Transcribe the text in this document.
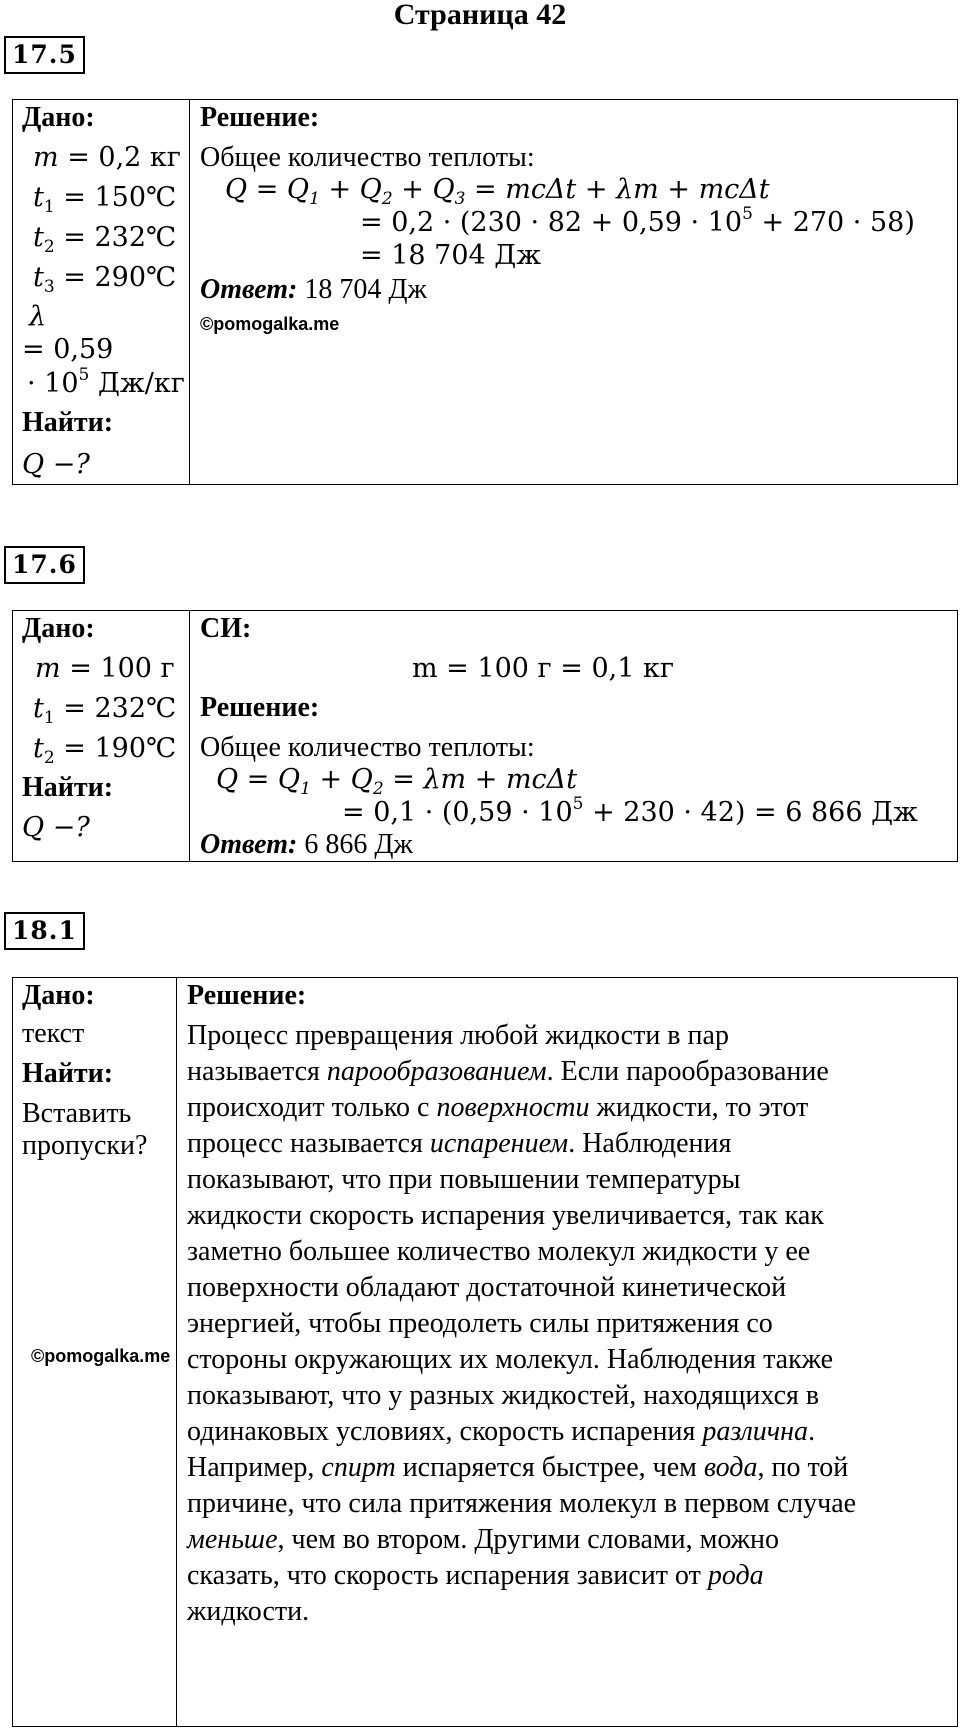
Страница 42
17.5
Дано:
m = 0,2 кг
$t_1$ = 150℃
$t_2$ = 232℃
$t_3$ = 290℃
λ
= 0,59
· $10^5$ Дж/кг
Найти:
Q −?
Решение:
Общее количество теплоты:
$Q = Q_1 + Q_2 + Q_3 = mc\Delta t + \lambda m + mc\Delta t$
= $0,2 \cdot (230 \cdot 82 + 0,59 \cdot 10^5 + 270 \cdot 58)$
= 18 704 Дж
Ответ: 18 704 Дж
©pomogalka.me
17.6
Дано:
m = 100 г
$t_1$ = 232℃
$t_2$ = 190℃
Найти:
Q −?
СИ:
m = 100 г = 0,1 кг
Решение:
Общее количество теплоты:
$Q = Q_1 + Q_2 = \lambda m + mc\Delta t$
= $0,1 \cdot (0,59 \cdot 10^5 + 230 \cdot 42) = 6$ 866 Дж
Ответ: 6 866 Дж
18.1
Дано:
текст
Найти:
Вставить
пропуски?
©pomogalka.me
Решение:
Процесс превращения любой жидкости в пар
называется парообразованием. Если парообразование
происходит только с поверхности жидкости, то этот
процесс называется испарением. Наблюдения
показывают, что при повышении температуры
жидкости скорость испарения увеличивается, так как
заметно большее количество молекул жидкости у ее
поверхности обладают достаточной кинетической
энергией, чтобы преодолеть силы притяжения со
стороны окружающих их молекул. Наблюдения также
показывают, что у разных жидкостей, находящихся в
одинаковых условиях, скорость испарения различна.
Например, спирт испаряется быстрее, чем вода, по той
причине, что сила притяжения молекул в первом случае
меньше, чем во втором. Другими словами, можно
сказать, что скорость испарения зависит от рода
жидкости.
